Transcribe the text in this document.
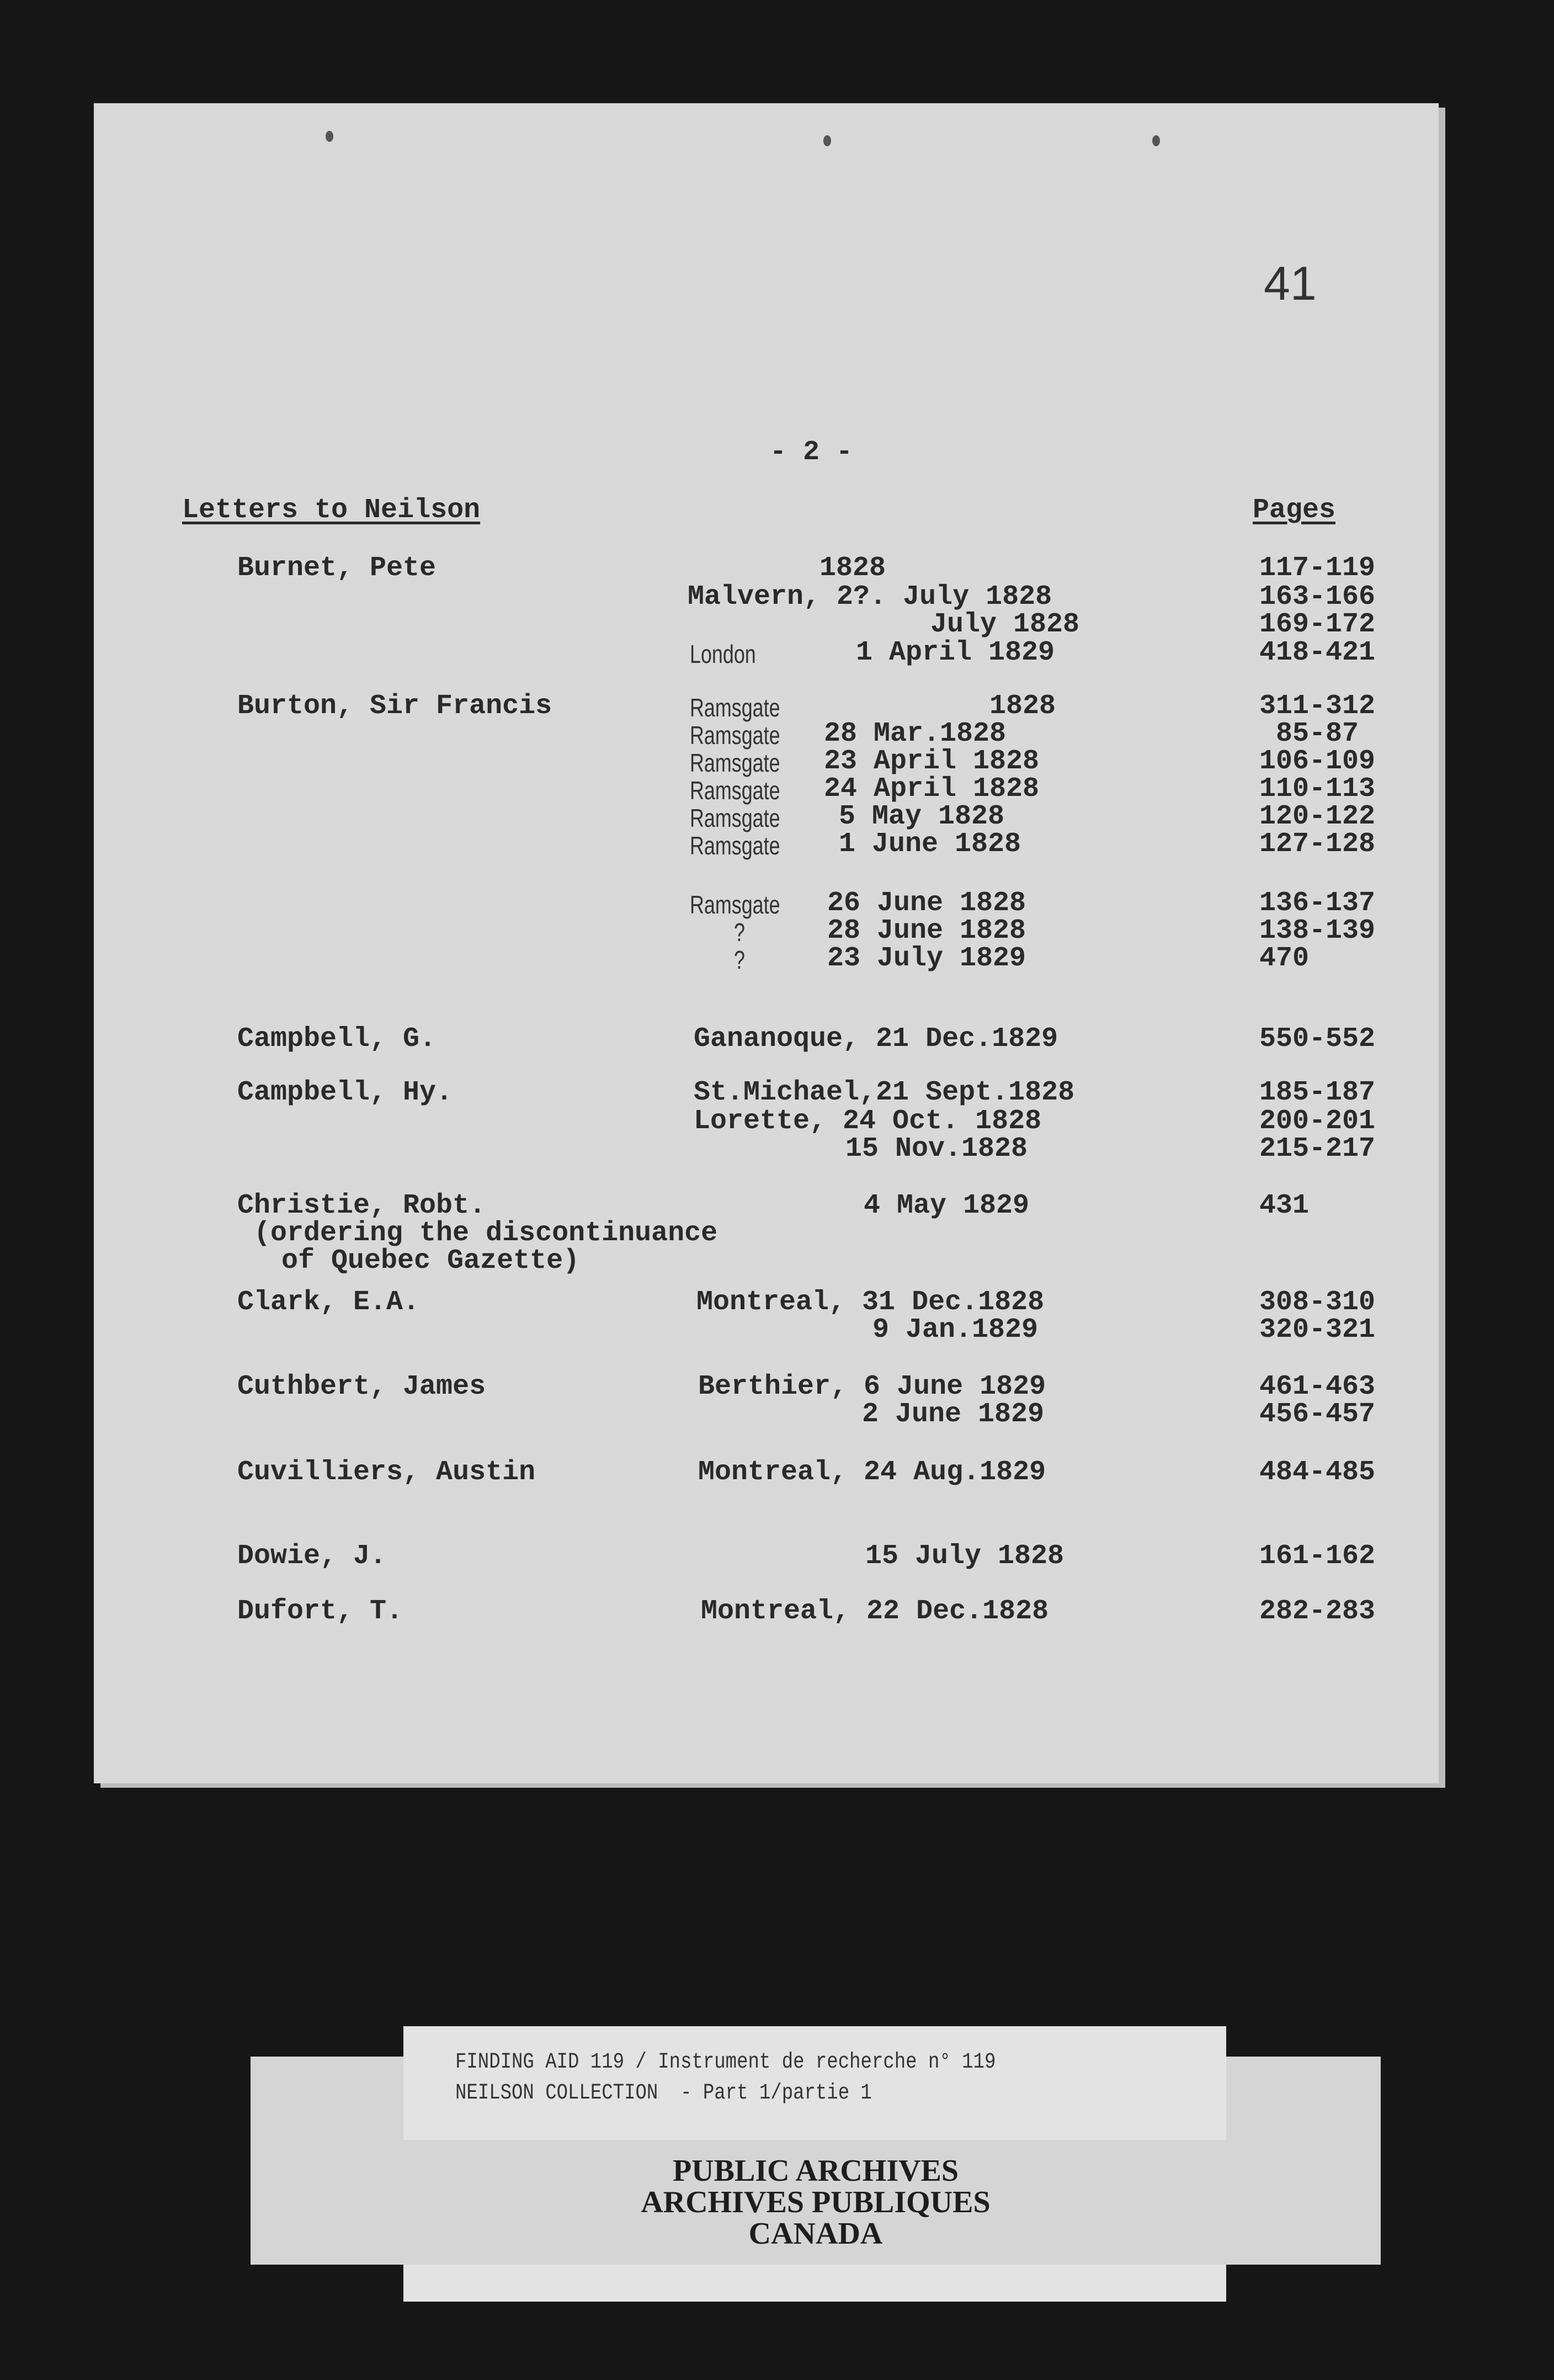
41
- 2 -
Letters to Neilson	Pages
Burnet, Pete	1828	117-119
Malvern, 2?. July 1828	163-166
July 1828	169-172
London	1 April 1829	418-421
Burton, Sir Francis	Ramsgate	1828	311-312
Ramsgate 28 Mar.1828	85-87
Ramsgate 23 April 1828	106-109
Ramsgate 24 April 1828	110-113
Ramsgate 5 May 1828	120-122
Ramsgate 1 June 1828	127-128
Ramsgate 26 June 1828	136-137
?	28 June 1828	138-139
?	23 July 1829	470
Campbell, G.	Gananoque, 21 Dec.1829	550-552
Campbell, Hy.	St.Michael,21 Sept.1828	185-187
Lorette, 24 Oct. 1828	200-201
15 Nov.1828	215-217
Christie, Robt.
(ordering the discontinuance
of Quebec Gazette)
4 May 1829	431
Clark, E.A.	Montreal, 31 Dec.1828	308-310
9 Jan.1829	320-321
Cuthbert, James	Berthier, 6 June 1829	461-463
2 June 1829	456-457
Cuvilliers, Austin	Montreal, 24 Aug.1829	484-485
Dowie, J.	15 July 1828	161-162
Dufort, T.	Montreal, 22 Dec.1828	282-283
PUBLIC ARCHIVES
ARCHIVES PUBLIQUES
CANADA
FINDING AID 119 / Instrument de recherche n° 119
NEILSON COLLECTION  - Part 1/partie 1
